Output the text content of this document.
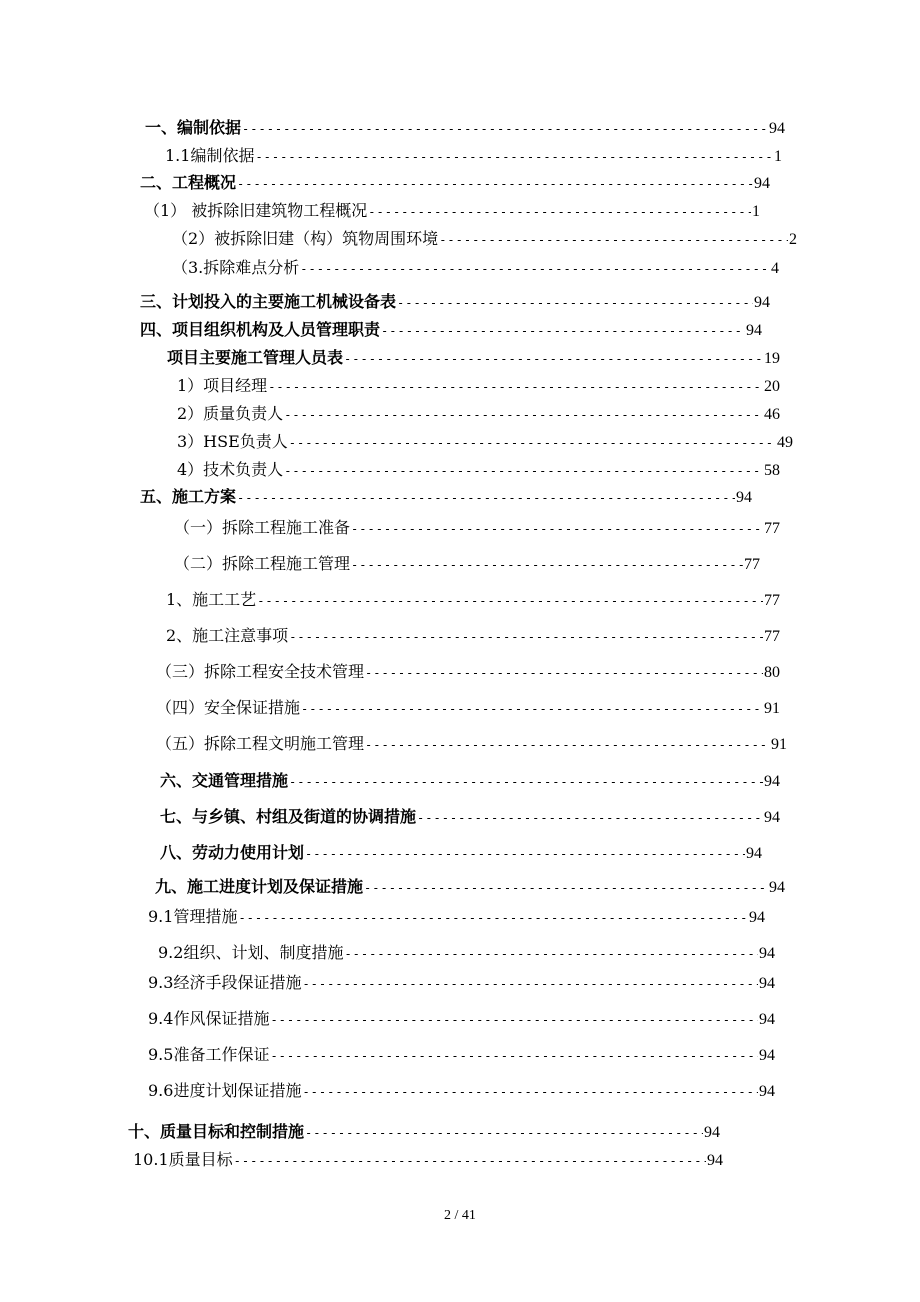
一、编制依据 -----	94
1.1编制依据 -----	1
二、工程概况 -----	94
（1） 被拆除旧建筑物工程概况 -----	1
（2）被拆除旧建（构）筑物周围环境 -----	2
（3.拆除难点分析 -----	4
三、计划投入的主要施工机械设备表 -----	94
四、项目组织机构及人员管理职责 -----	94
项目主要施工管理人员表 -----	19
1）项目经理 -----	20
2）质量负责人 -----	46
3）HSE负责人 -----	49
4）技术负责人 -----	58
五、施工方案 -----	94
（一）拆除工程施工准备 -----	77
（二）拆除工程施工管理 -----	77
1、施工工艺 -----	77
2、施工注意事项 -----	77
（三）拆除工程安全技术管理 -----	80
（四）安全保证措施 -----	91
（五）拆除工程文明施工管理 -----	91
六、交通管理措施 -----	94
七、与乡镇、村组及街道的协调措施 -----	94
八、劳动力使用计划 -----	94
九、施工进度计划及保证措施 -----	94
9.1管理措施 -----	94
9.2组织、计划、制度措施 -----	94
9.3经济手段保证措施 -----	94
9.4作风保证措施 -----	94
9.5准备工作保证 -----	94
9.6进度计划保证措施 -----	94
十、质量目标和控制措施 -----	94
10.1质量目标 -----	94
2 / 41
